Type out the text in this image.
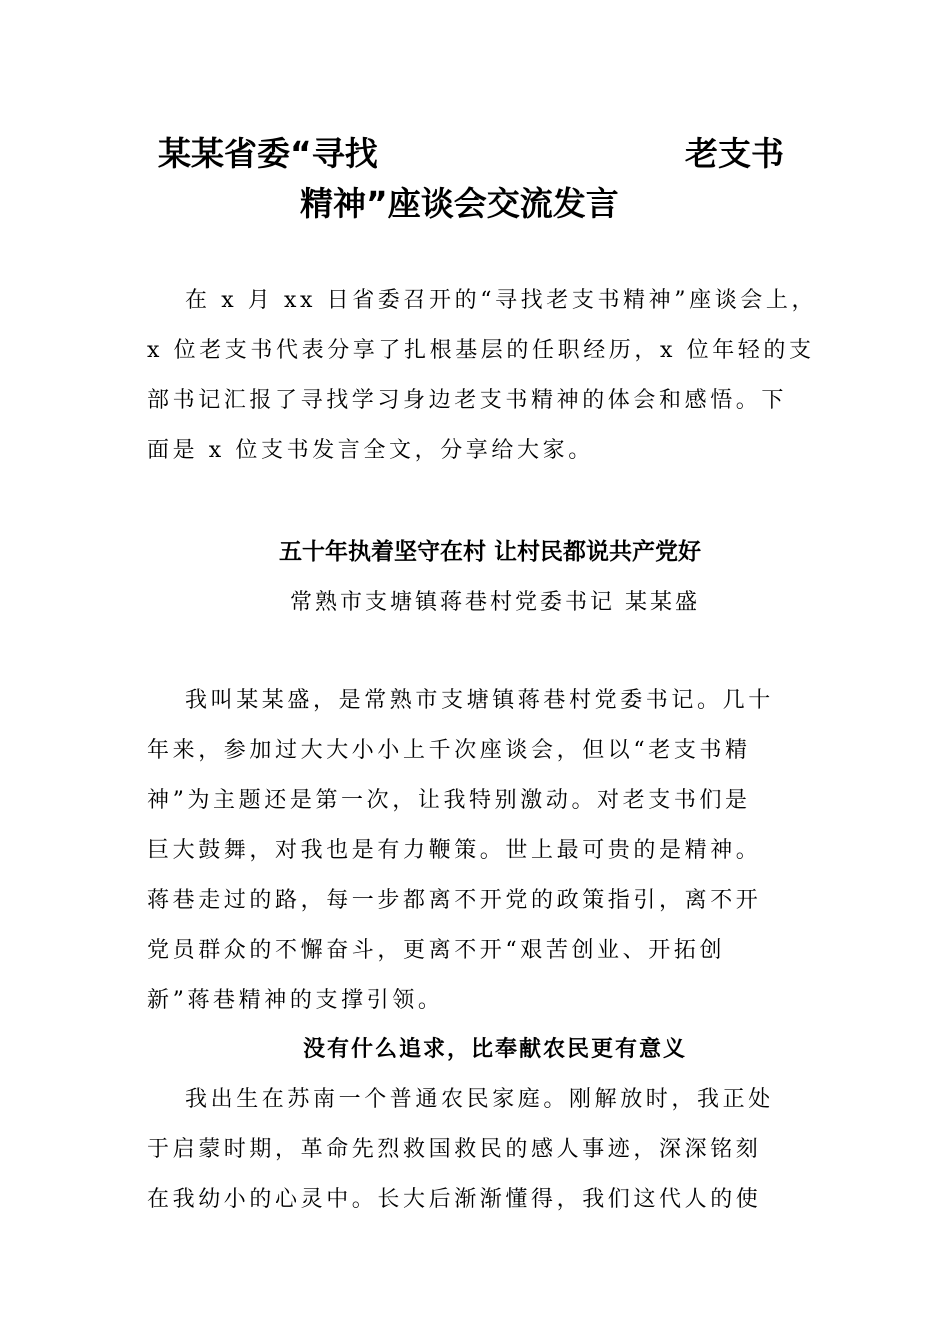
某某省委“寻找	老支书
精神”座谈会交流发言
在 x 月 xx 日省委召开的“寻找老支书精神”座谈会上，
x 位老支书代表分享了扎根基层的任职经历，x 位年轻的支
部书记汇报了寻找学习身边老支书精神的体会和感悟。下
面是 x 位支书发言全文，分享给大家。
五十年执着坚守在村 让村民都说共产党好
常熟市支塘镇蒋巷村党委书记 某某盛
我叫某某盛，是常熟市支塘镇蒋巷村党委书记。几十
年来，参加过大大小小上千次座谈会，但以“老支书精
神”为主题还是第一次，让我特别激动。对老支书们是
巨大鼓舞，对我也是有力鞭策。世上最可贵的是精神。
蒋巷走过的路，每一步都离不开党的政策指引，离不开
党员群众的不懈奋斗，更离不开“艰苦创业、开拓创
新”蒋巷精神的支撑引领。
没有什么追求，比奉献农民更有意义
我出生在苏南一个普通农民家庭。刚解放时，我正处
于启蒙时期，革命先烈救国救民的感人事迹，深深铭刻
在我幼小的心灵中。长大后渐渐懂得，我们这代人的使
